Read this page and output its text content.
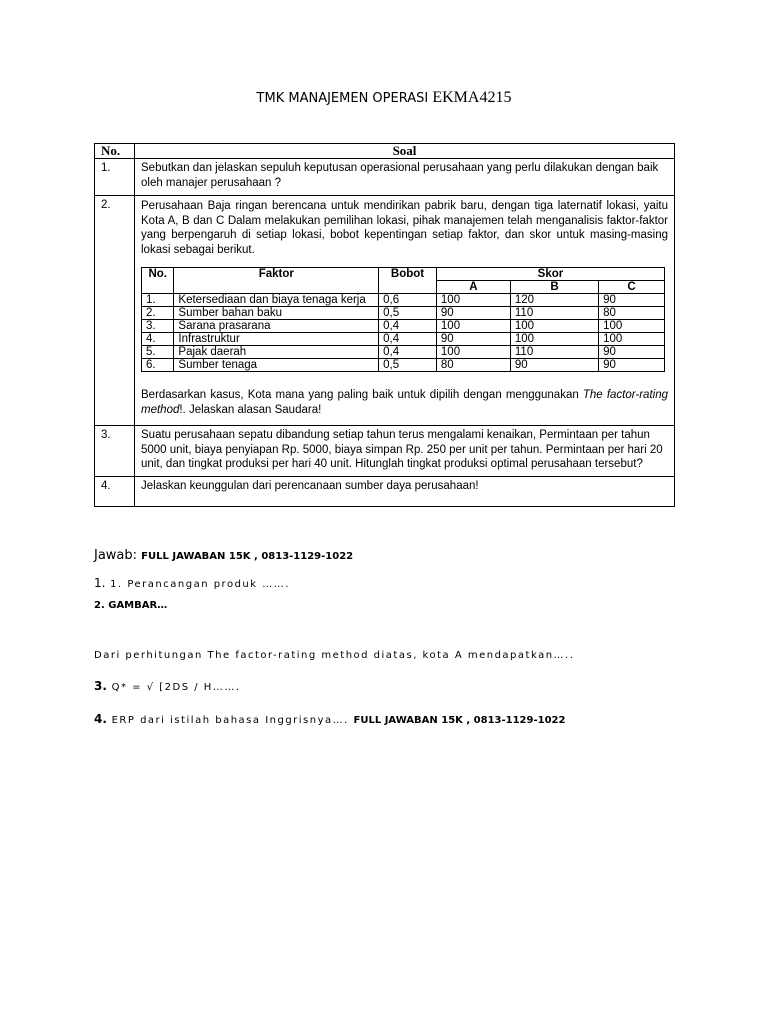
TMK MANAJEMEN OPERASI EKMA4215
No.	Soal
1.	Sebutkan dan jelaskan sepuluh keputusan operasional perusahaan yang perlu dilakukan dengan baik oleh manajer perusahaan ?
2.	Perusahaan Baja ringan berencana untuk mendirikan pabrik baru, dengan tiga laternatif lokasi, yaitu Kota A, B dan C Dalam melakukan pemilihan lokasi, pihak manajemen telah menganalisis faktor-faktor yang berpengaruh di setiap lokasi, bobot kepentingan setiap faktor, dan skor untuk masing-masing lokasi sebagai berikut.
No.	Faktor	Bobot	Skor
A	B	C
1.	Ketersediaan dan biaya tenaga kerja	0,6	100	120	90
2.	Sumber bahan baku	0,5	90	110	80
3.	Sarana prasarana	0,4	100	100	100
4.	Infrastruktur	0,4	90	100	100
5.	Pajak daerah	0,4	100	110	90
6.	Sumber tenaga	0,5	80	90	90
Berdasarkan kasus, Kota mana yang paling baik untuk dipilih dengan menggunakan The factor-rating method!. Jelaskan alasan Saudara!

3.	Suatu perusahaan sepatu dibandung setiap tahun terus mengalami kenaikan, Permintaan per tahun 5000 unit, biaya penyiapan Rp. 5000, biaya simpan Rp. 250 per unit per tahun. Permintaan per hari 20 unit, dan tingkat produksi per hari 40 unit. Hitunglah tingkat produksi optimal perusahaan tersebut?
4.	Jelaskan keunggulan dari perencanaan sumber daya perusahaan!
Jawab: FULL JAWABAN 15K , 0813-1129-1022
1. 1. Perancangan produk …….
2. GAMBAR…
Dari perhitungan The factor-rating method diatas, kota A mendapatkan…..
3. Q* = √ [2DS / H…….
4. ERP dari istilah bahasa Inggrisnya…. FULL JAWABAN 15K , 0813-1129-1022
